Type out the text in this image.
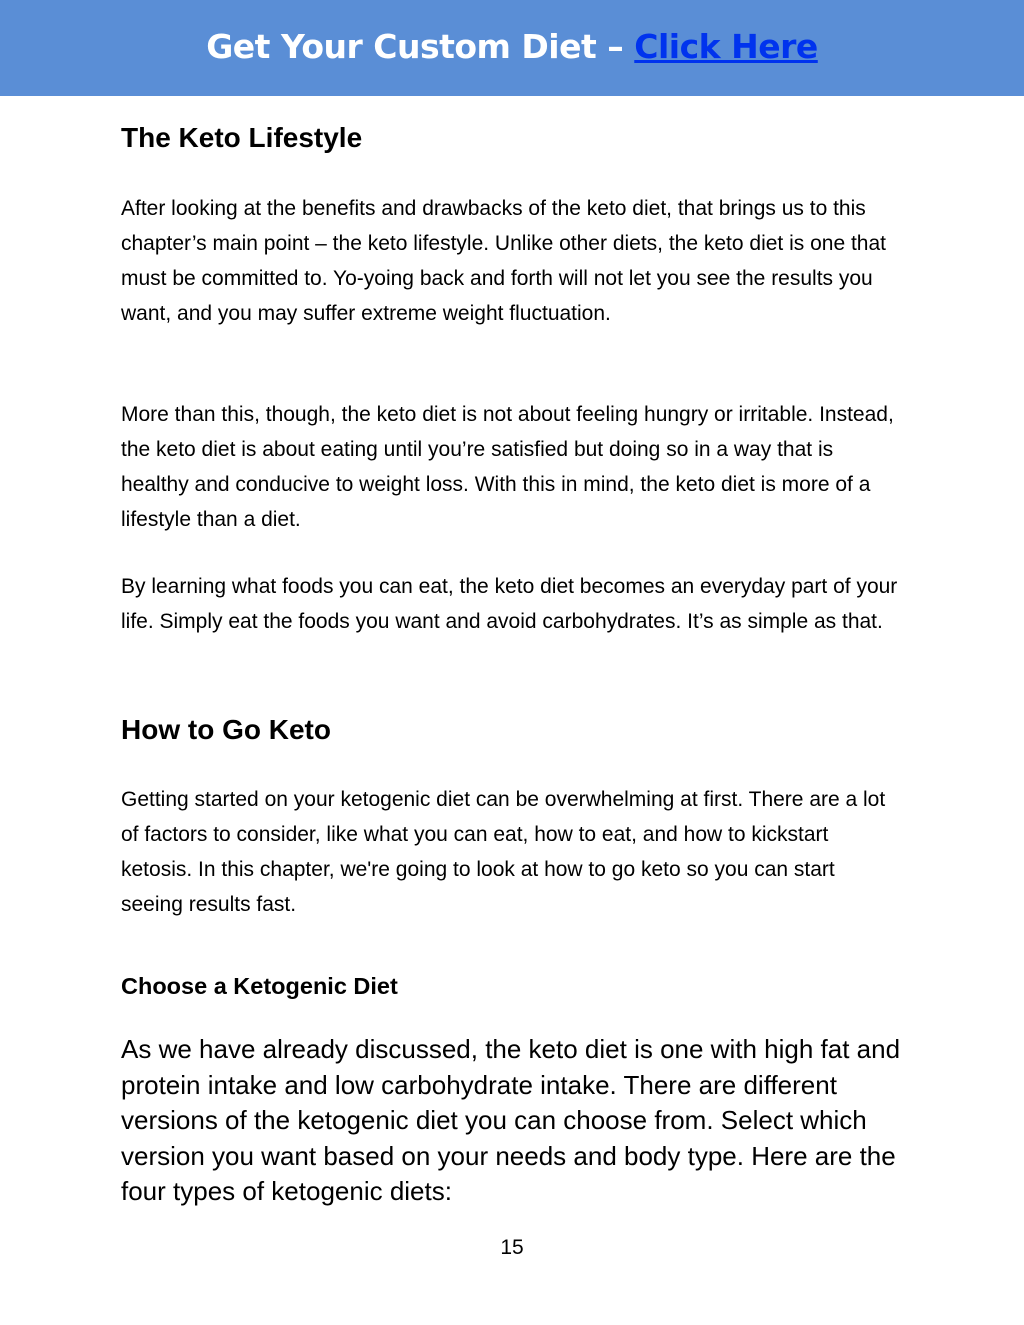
Get Your Custom Diet – Click Here
The Keto Lifestyle

After looking at the benefits and drawbacks of the keto diet, that brings us to this chapter’s main point – the keto lifestyle. Unlike other diets, the keto diet is one that must be committed to. Yo-yoing back and forth will not let you see the results you want, and you may suffer extreme weight fluctuation.

More than this, though, the keto diet is not about feeling hungry or irritable. Instead, the keto diet is about eating until you’re satisfied but doing so in a way that is healthy and conducive to weight loss. With this in mind, the keto diet is more of a lifestyle than a diet.

By learning what foods you can eat, the keto diet becomes an everyday part of your life. Simply eat the foods you want and avoid carbohydrates. It’s as simple as that.

How to Go Keto

Getting started on your ketogenic diet can be overwhelming at first. There are a lot of factors to consider, like what you can eat, how to eat, and how to kickstart ketosis. In this chapter, we're going to look at how to go keto so you can start seeing results fast.

Choose a Ketogenic Diet

As we have already discussed, the keto diet is one with high fat and protein intake and low carbohydrate intake. There are different versions of the ketogenic diet you can choose from. Select which version you want based on your needs and body type. Here are the four types of ketogenic diets:

15
